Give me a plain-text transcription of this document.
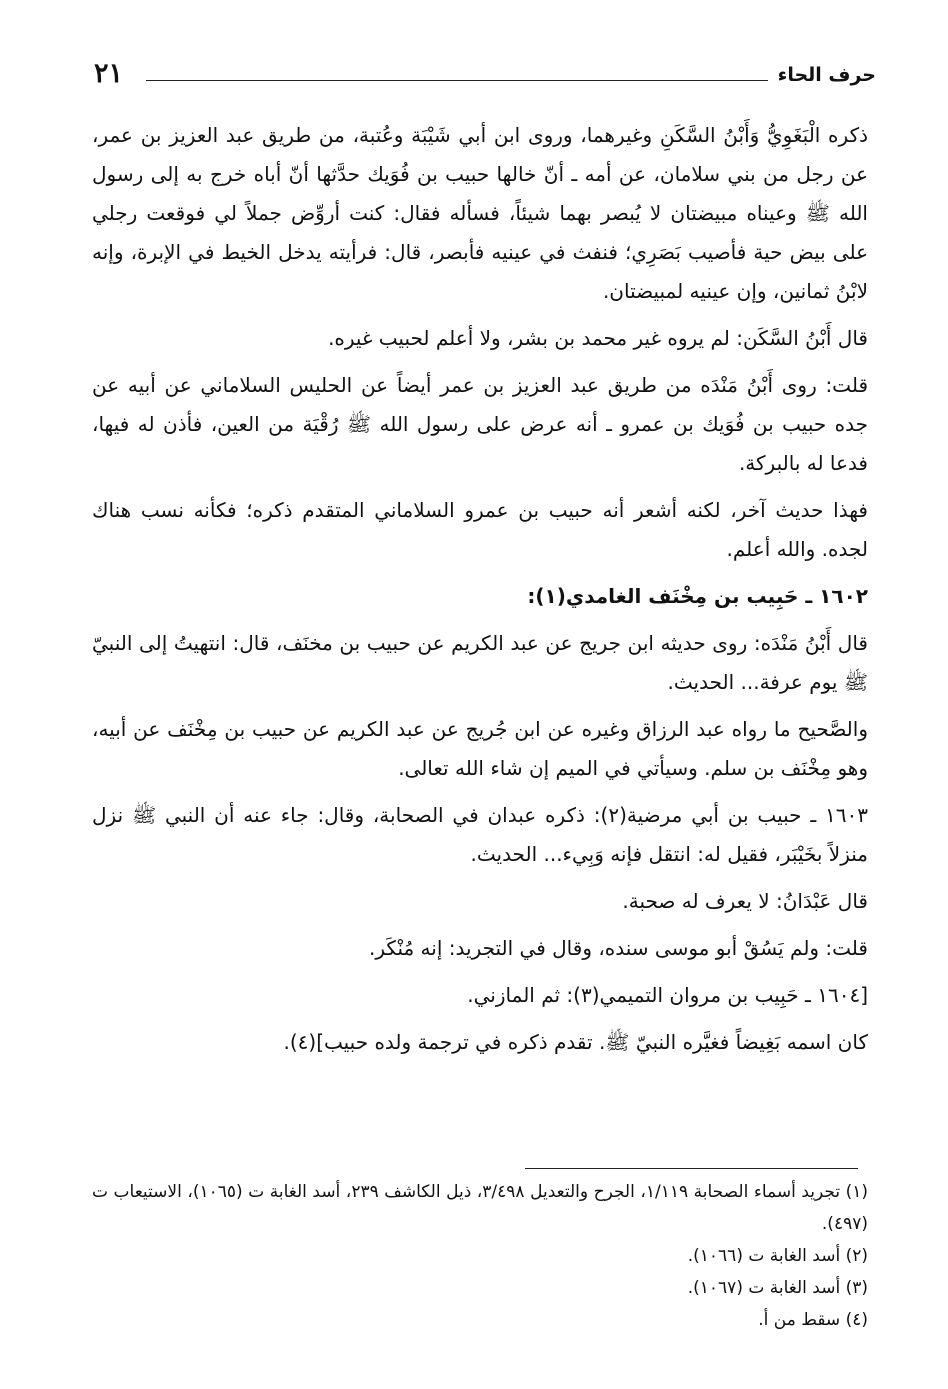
٢١	حرف الحاء

ذكره الْبَغَوِيُّ وَأَبْنُ السَّكَنِ وغيرهما، وروى ابن أبي شَيْبَة وعُتبة، من طريق عبد العزيز بن عمر، عن رجل من بني سلامان، عن أمه ـ أنّ خالها حبيب بن فُوَيك حدَّثها أنّ أباه خرج به إلى رسول الله ﷺ وعيناه مبيضتان لا يُبصر بهما شيئاً، فسأله فقال: كنت أروِّض جملاً لي فوقعت رجلي على بيض حية فأصيب بَصَرِي؛ فنفث في عينيه فأبصر، قال: فرأيته يدخل الخيط في الإبرة، وإنه لابْنُ ثمانين، وإن عينيه لمبيضتان.

قال أَبْنُ السَّكَن: لم يروه غير محمد بن بشر، ولا أعلم لحبيب غيره.

قلت: روى أَبْنُ مَنْدَه من طريق عبد العزيز بن عمر أيضاً عن الحليس السلاماني عن أبيه عن جده حبيب بن فُوَيك بن عمرو ـ أنه عرض على رسول الله ﷺ رُقْيَة من العين، فأذن له فيها، فدعا له بالبركة.

فهذا حديث آخر، لكنه أشعر أنه حبيب بن عمرو السلاماني المتقدم ذكره؛ فكأنه نسب هناك لجده. والله أعلم.

١٦٠٢ ـ حَبِيب بن مِخْنَف الغامدي(١):

قال أَبْنُ مَنْدَه: روى حديثه ابن جريج عن عبد الكريم عن حبيب بن مخنَف، قال: انتهيتُ إلى النبيّ ﷺ يوم عرفة... الحديث.

والصَّحيح ما رواه عبد الرزاق وغيره عن ابن جُريج عن عبد الكريم عن حبيب بن مِخْنَف عن أبيه، وهو مِخْنَف بن سلم. وسيأتي في الميم إن شاء الله تعالى.

١٦٠٣ ـ حبيب بن أبي مرضية(٢): ذكره عبدان في الصحابة، وقال: جاء عنه أن النبي ﷺ نزل منزلاً بخَيْبَر، فقيل له: انتقل فإنه وَبِيء... الحديث.

قال عَبْدَانُ: لا يعرف له صحبة.

قلت: ولم يَسُقْ أبو موسى سنده، وقال في التجريد: إنه مُنْكَر.

[١٦٠٤ ـ حَبِيب بن مروان التميمي(٣): ثم المازني.

كان اسمه بَغِيضاً فغيَّره النبيّ ﷺ. تقدم ذكره في ترجمة ولده حبيب](٤).

(١) تجريد أسماء الصحابة ١/١١٩، الجرح والتعديل ٣/٤٩٨، ذيل الكاشف ٢٣٩، أسد الغابة ت (١٠٦٥)، الاستيعاب ت (٤٩٧).

(٢) أسد الغابة ت (١٠٦٦).

(٣) أسد الغابة ت (١٠٦٧).

(٤) سقط من أ.
